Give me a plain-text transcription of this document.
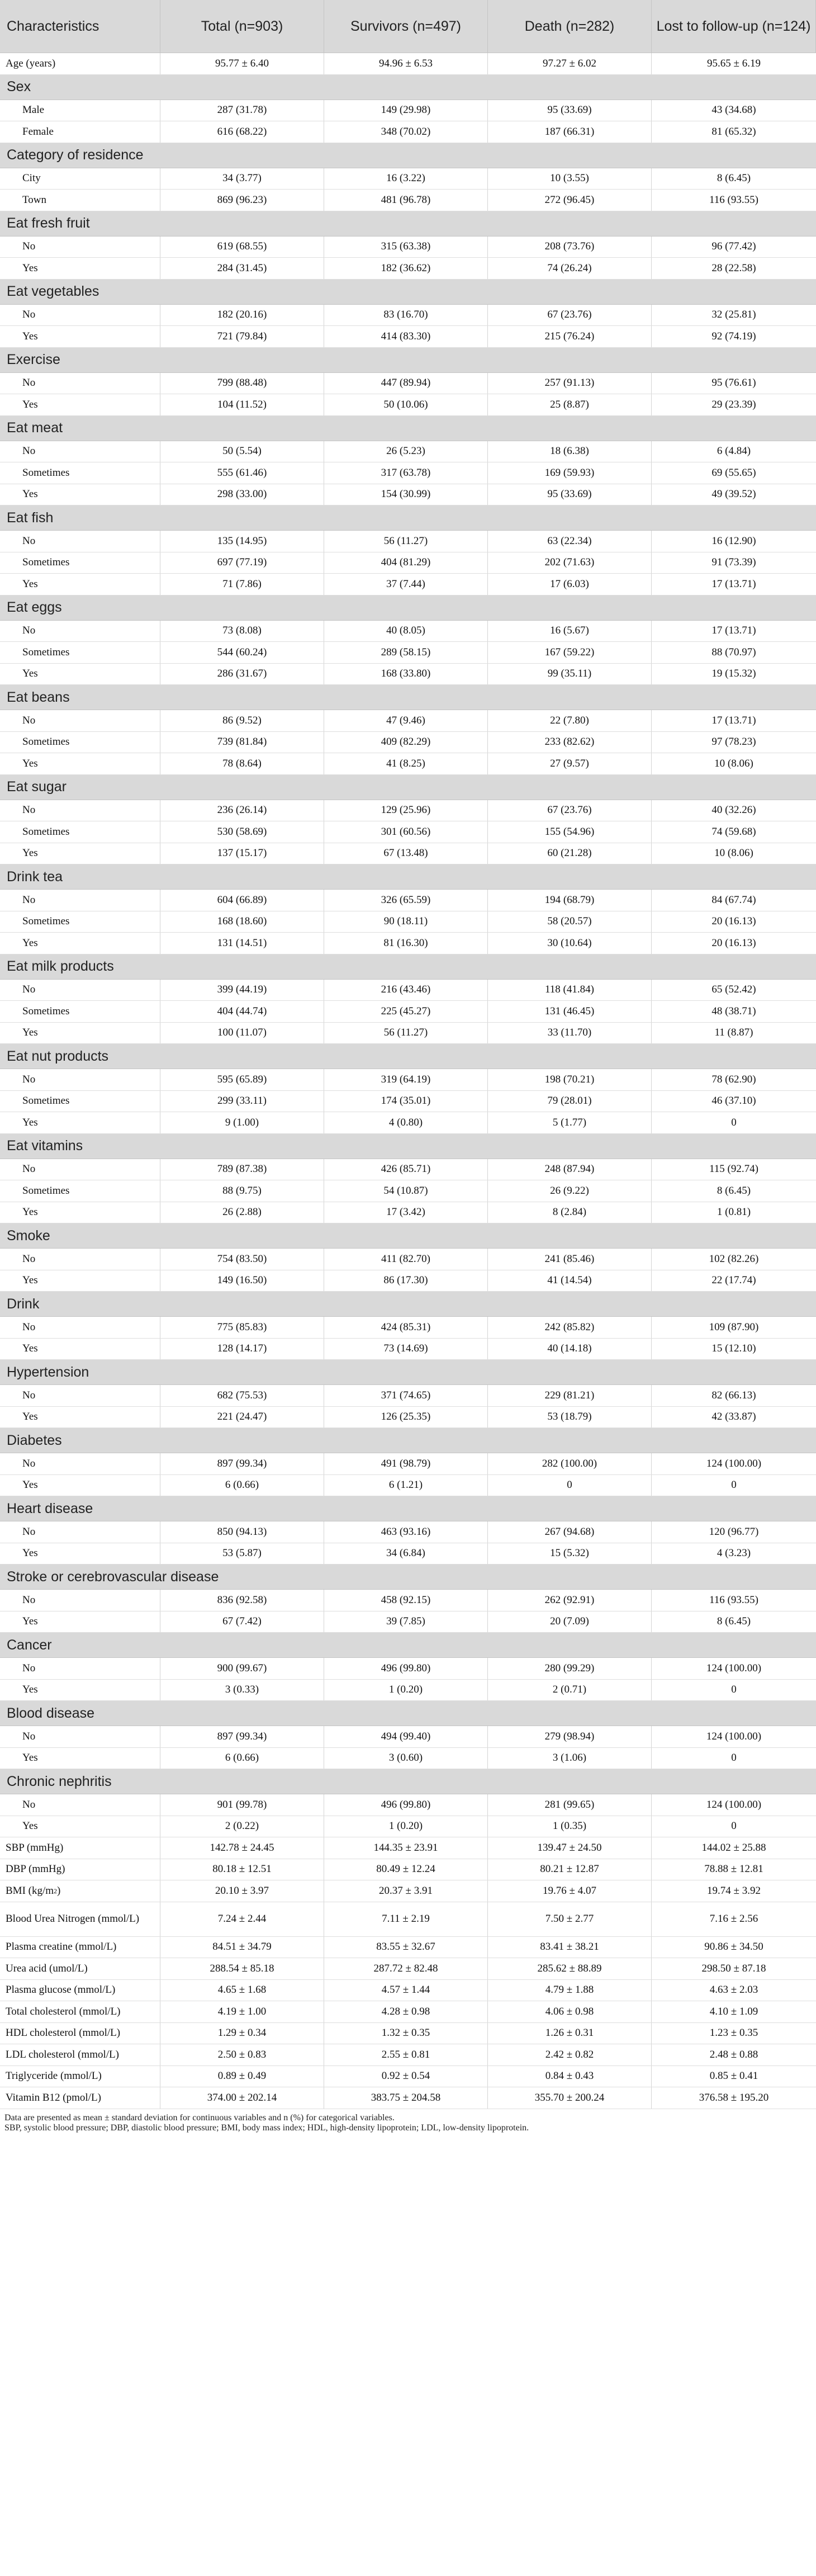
Characteristics	Total (n=903)	Survivors (n=497)	Death (n=282)	Lost to follow-up (n=124)
Age (years)	95.77 ± 6.40	94.96 ± 6.53	97.27 ± 6.02	95.65 ± 6.19
Sex
Male	287 (31.78)	149 (29.98)	95 (33.69)	43 (34.68)
Female	616 (68.22)	348 (70.02)	187 (66.31)	81 (65.32)
Category of residence
City	34 (3.77)	16 (3.22)	10 (3.55)	8 (6.45)
Town	869 (96.23)	481 (96.78)	272 (96.45)	116 (93.55)
Eat fresh fruit
No	619 (68.55)	315 (63.38)	208 (73.76)	96 (77.42)
Yes	284 (31.45)	182 (36.62)	74 (26.24)	28 (22.58)
Eat vegetables
No	182 (20.16)	83 (16.70)	67 (23.76)	32 (25.81)
Yes	721 (79.84)	414 (83.30)	215 (76.24)	92 (74.19)
Exercise
No	799 (88.48)	447 (89.94)	257 (91.13)	95 (76.61)
Yes	104 (11.52)	50 (10.06)	25 (8.87)	29 (23.39)
Eat meat
No	50 (5.54)	26 (5.23)	18 (6.38)	6 (4.84)
Sometimes	555 (61.46)	317 (63.78)	169 (59.93)	69 (55.65)
Yes	298 (33.00)	154 (30.99)	95 (33.69)	49 (39.52)
Eat fish
No	135 (14.95)	56 (11.27)	63 (22.34)	16 (12.90)
Sometimes	697 (77.19)	404 (81.29)	202 (71.63)	91 (73.39)
Yes	71 (7.86)	37 (7.44)	17 (6.03)	17 (13.71)
Eat eggs
No	73 (8.08)	40 (8.05)	16 (5.67)	17 (13.71)
Sometimes	544 (60.24)	289 (58.15)	167 (59.22)	88 (70.97)
Yes	286 (31.67)	168 (33.80)	99 (35.11)	19 (15.32)
Eat beans
No	86 (9.52)	47 (9.46)	22 (7.80)	17 (13.71)
Sometimes	739 (81.84)	409 (82.29)	233 (82.62)	97 (78.23)
Yes	78 (8.64)	41 (8.25)	27 (9.57)	10 (8.06)
Eat sugar
No	236 (26.14)	129 (25.96)	67 (23.76)	40 (32.26)
Sometimes	530 (58.69)	301 (60.56)	155 (54.96)	74 (59.68)
Yes	137 (15.17)	67 (13.48)	60 (21.28)	10 (8.06)
Drink tea
No	604 (66.89)	326 (65.59)	194 (68.79)	84 (67.74)
Sometimes	168 (18.60)	90 (18.11)	58 (20.57)	20 (16.13)
Yes	131 (14.51)	81 (16.30)	30 (10.64)	20 (16.13)
Eat milk products
No	399 (44.19)	216 (43.46)	118 (41.84)	65 (52.42)
Sometimes	404 (44.74)	225 (45.27)	131 (46.45)	48 (38.71)
Yes	100 (11.07)	56 (11.27)	33 (11.70)	11 (8.87)
Eat nut products
No	595 (65.89)	319 (64.19)	198 (70.21)	78 (62.90)
Sometimes	299 (33.11)	174 (35.01)	79 (28.01)	46 (37.10)
Yes	9 (1.00)	4 (0.80)	5 (1.77)	0
Eat vitamins
No	789 (87.38)	426 (85.71)	248 (87.94)	115 (92.74)
Sometimes	88 (9.75)	54 (10.87)	26 (9.22)	8 (6.45)
Yes	26 (2.88)	17 (3.42)	8 (2.84)	1 (0.81)
Smoke
No	754 (83.50)	411 (82.70)	241 (85.46)	102 (82.26)
Yes	149 (16.50)	86 (17.30)	41 (14.54)	22 (17.74)
Drink
No	775 (85.83)	424 (85.31)	242 (85.82)	109 (87.90)
Yes	128 (14.17)	73 (14.69)	40 (14.18)	15 (12.10)
Hypertension
No	682 (75.53)	371 (74.65)	229 (81.21)	82 (66.13)
Yes	221 (24.47)	126 (25.35)	53 (18.79)	42 (33.87)
Diabetes
No	897 (99.34)	491 (98.79)	282 (100.00)	124 (100.00)
Yes	6 (0.66)	6 (1.21)	0	0
Heart disease
No	850 (94.13)	463 (93.16)	267 (94.68)	120 (96.77)
Yes	53 (5.87)	34 (6.84)	15 (5.32)	4 (3.23)
Stroke or cerebrovascular disease
No	836 (92.58)	458 (92.15)	262 (92.91)	116 (93.55)
Yes	67 (7.42)	39 (7.85)	20 (7.09)	8 (6.45)
Cancer
No	900 (99.67)	496 (99.80)	280 (99.29)	124 (100.00)
Yes	3 (0.33)	1 (0.20)	2 (0.71)	0
Blood disease
No	897 (99.34)	494 (99.40)	279 (98.94)	124 (100.00)
Yes	6 (0.66)	3 (0.60)	3 (1.06)	0
Chronic nephritis
No	901 (99.78)	496 (99.80)	281 (99.65)	124 (100.00)
Yes	2 (0.22)	1 (0.20)	1 (0.35)	0
SBP (mmHg)	142.78 ± 24.45	144.35 ± 23.91	139.47 ± 24.50	144.02 ± 25.88
DBP (mmHg)	80.18 ± 12.51	80.49 ± 12.24	80.21 ± 12.87	78.88 ± 12.81
BMI (kg/m 2 )	20.10 ± 3.97	20.37 ± 3.91	19.76 ± 4.07	19.74 ± 3.92
Blood Urea Nitrogen (mmol/L)	7.24 ± 2.44	7.11 ± 2.19	7.50 ± 2.77	7.16 ± 2.56
Plasma creatine (mmol/L)	84.51 ± 34.79	83.55 ± 32.67	83.41 ± 38.21	90.86 ± 34.50
Urea acid (umol/L)	288.54 ± 85.18	287.72 ± 82.48	285.62 ± 88.89	298.50 ± 87.18
Plasma glucose (mmol/L)	4.65 ± 1.68	4.57 ± 1.44	4.79 ± 1.88	4.63 ± 2.03
Total cholesterol (mmol/L)	4.19 ± 1.00	4.28 ± 0.98	4.06 ± 0.98	4.10 ± 1.09
HDL cholesterol (mmol/L)	1.29 ± 0.34	1.32 ± 0.35	1.26 ± 0.31	1.23 ± 0.35
LDL cholesterol (mmol/L)	2.50 ± 0.83	2.55 ± 0.81	2.42 ± 0.82	2.48 ± 0.88
Triglyceride (mmol/L)	0.89 ± 0.49	0.92 ± 0.54	0.84 ± 0.43	0.85 ± 0.41
Vitamin B12 (pmol/L)	374.00 ± 202.14	383.75 ± 204.58	355.70 ± 200.24	376.58 ± 195.20
Data are presented as mean ± standard deviation for continuous variables and n (%) for categorical variables.
SBP, systolic blood pressure; DBP, diastolic blood pressure; BMI, body mass index; HDL, high-density lipoprotein; LDL, low-density lipoprotein.
